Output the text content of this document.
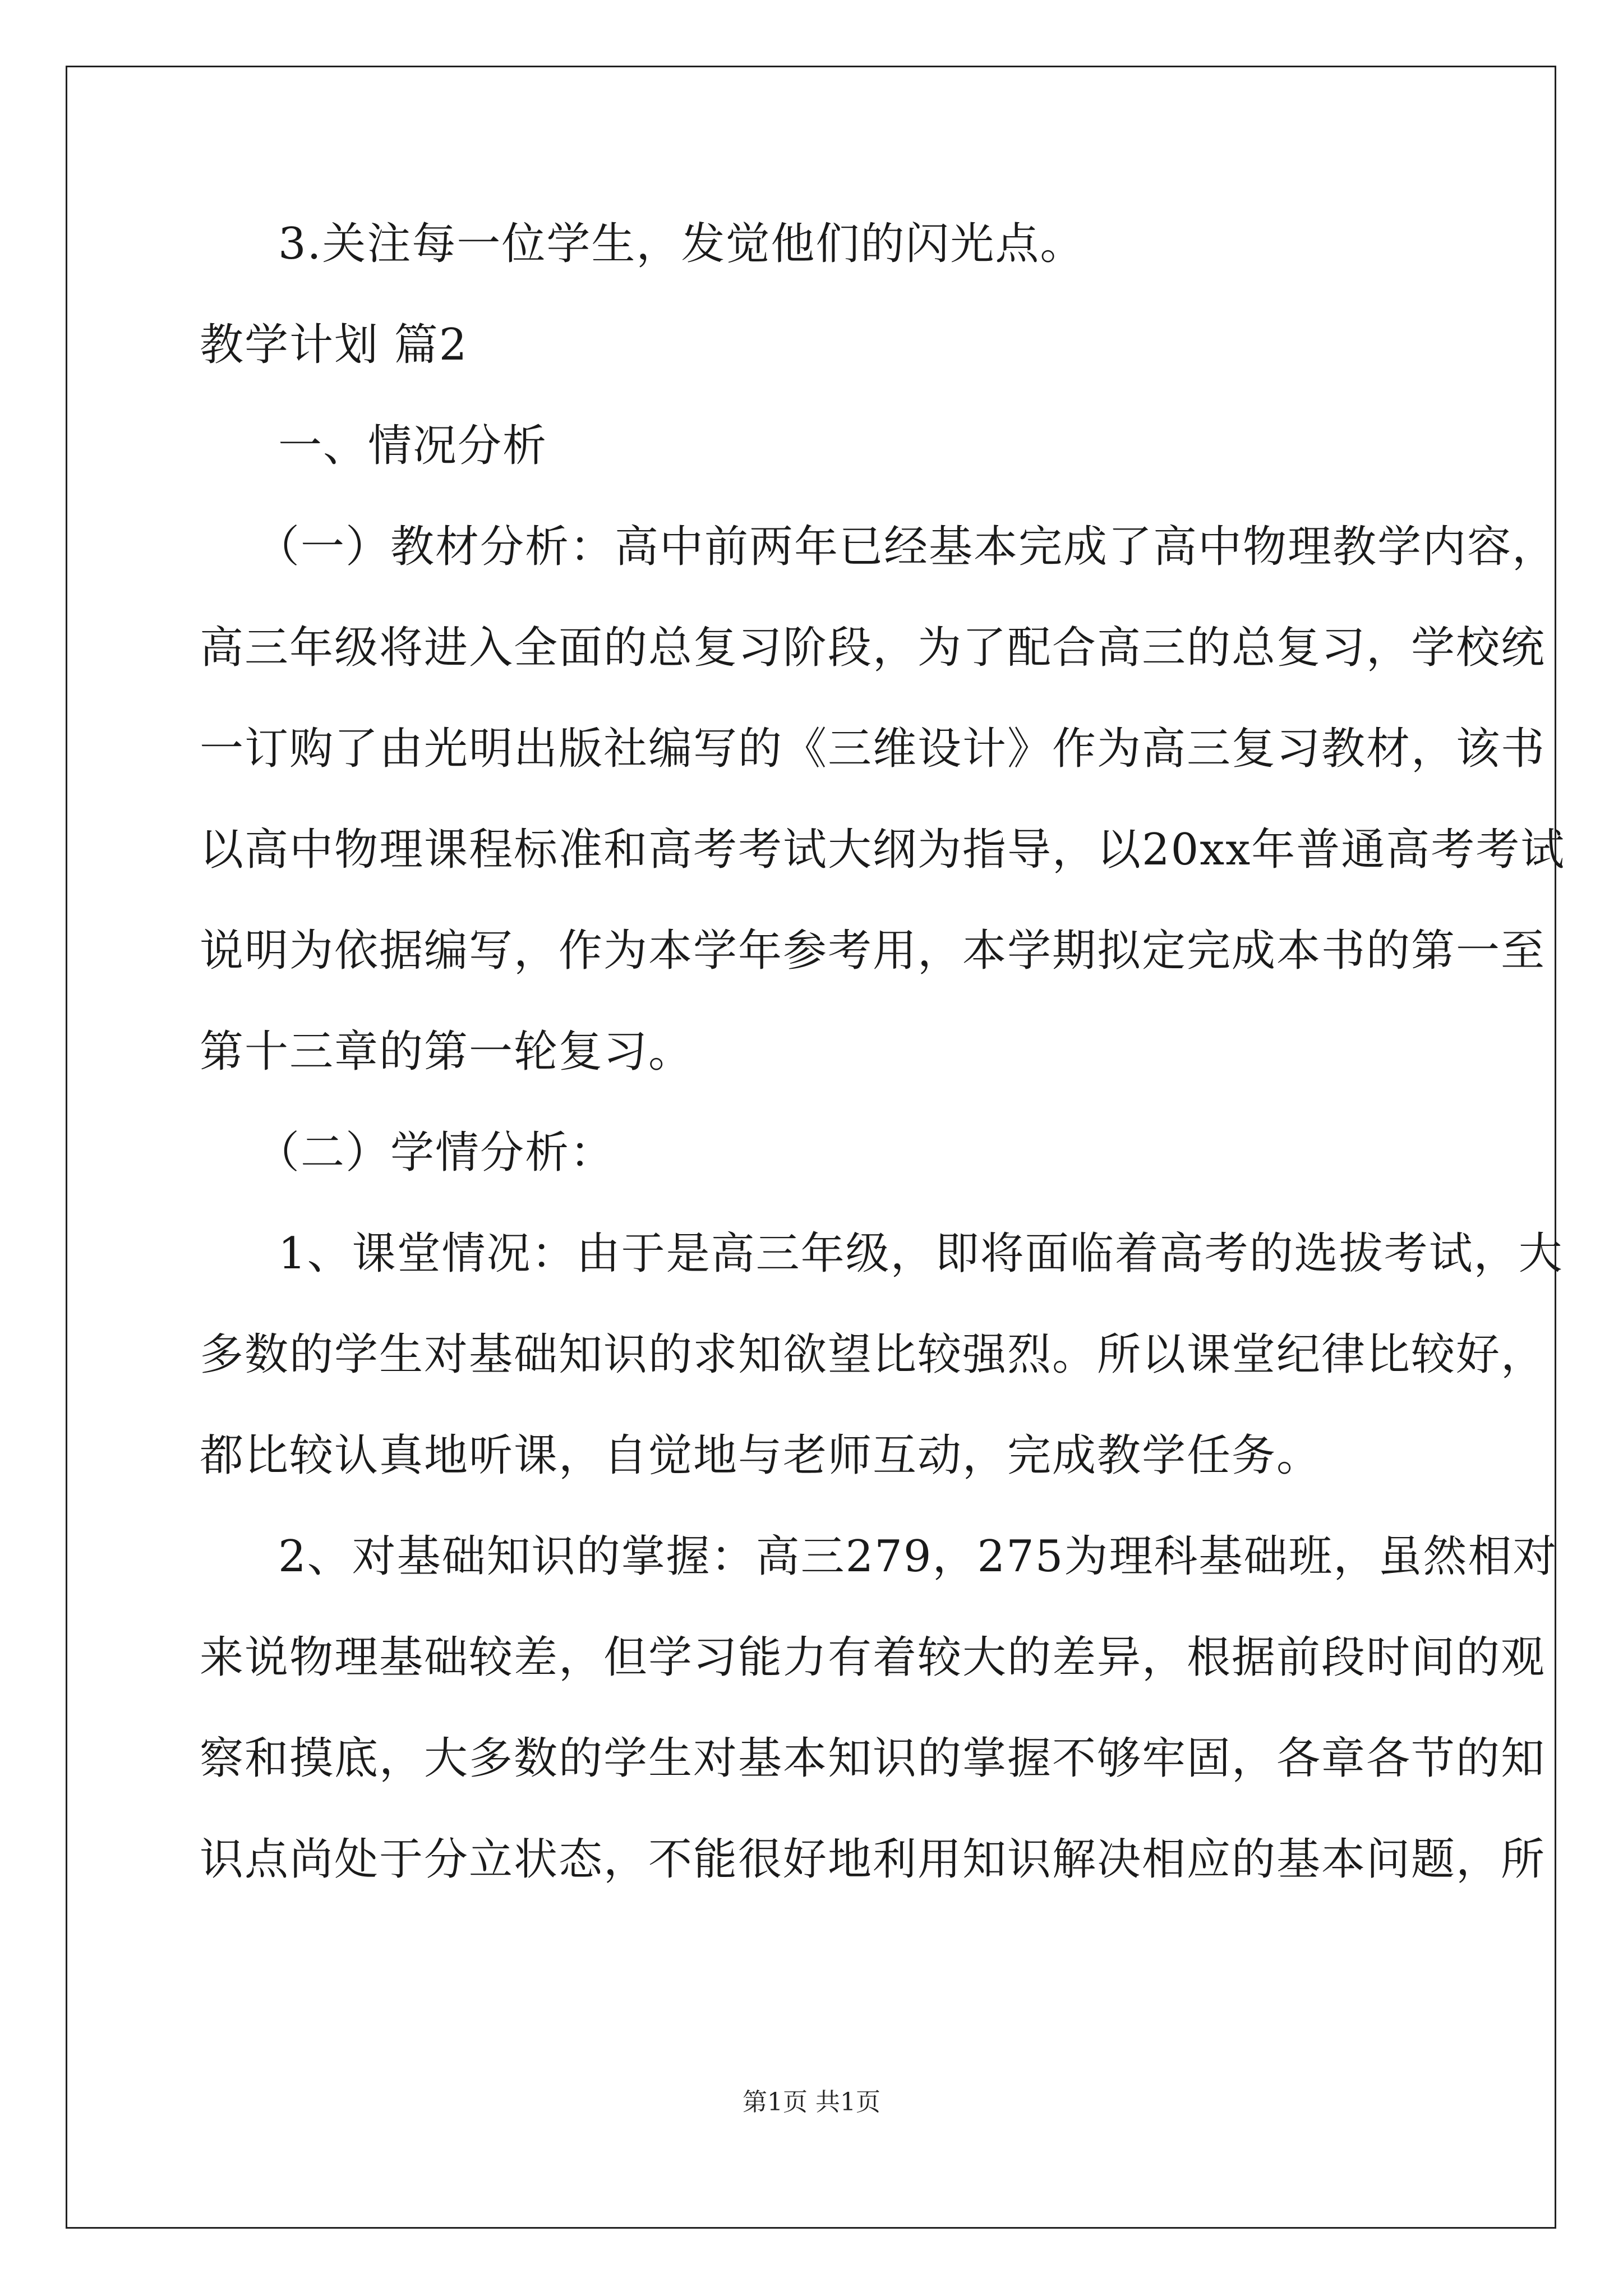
3.关注每一位学生，发觉他们的闪光点。
教学计划 篇2
一、情况分析
（一）教材分析：高中前两年已经基本完成了高中物理教学内容，
高三年级将进入全面的总复习阶段，为了配合高三的总复习，学校统
一订购了由光明出版社编写的《三维设计》作为高三复习教材，该书
以高中物理课程标准和高考考试大纲为指导，以20xx年普通高考考试
说明为依据编写，作为本学年参考用，本学期拟定完成本书的第一至
第十三章的第一轮复习。
（二）学情分析：
1、课堂情况：由于是高三年级，即将面临着高考的选拔考试，大
多数的学生对基础知识的求知欲望比较强烈。所以课堂纪律比较好，
都比较认真地听课，自觉地与老师互动，完成教学任务。
2、对基础知识的掌握：高三279，275为理科基础班，虽然相对
来说物理基础较差，但学习能力有着较大的差异，根据前段时间的观
察和摸底，大多数的学生对基本知识的掌握不够牢固，各章各节的知
识点尚处于分立状态，不能很好地利用知识解决相应的基本问题，所
第1页 共1页
